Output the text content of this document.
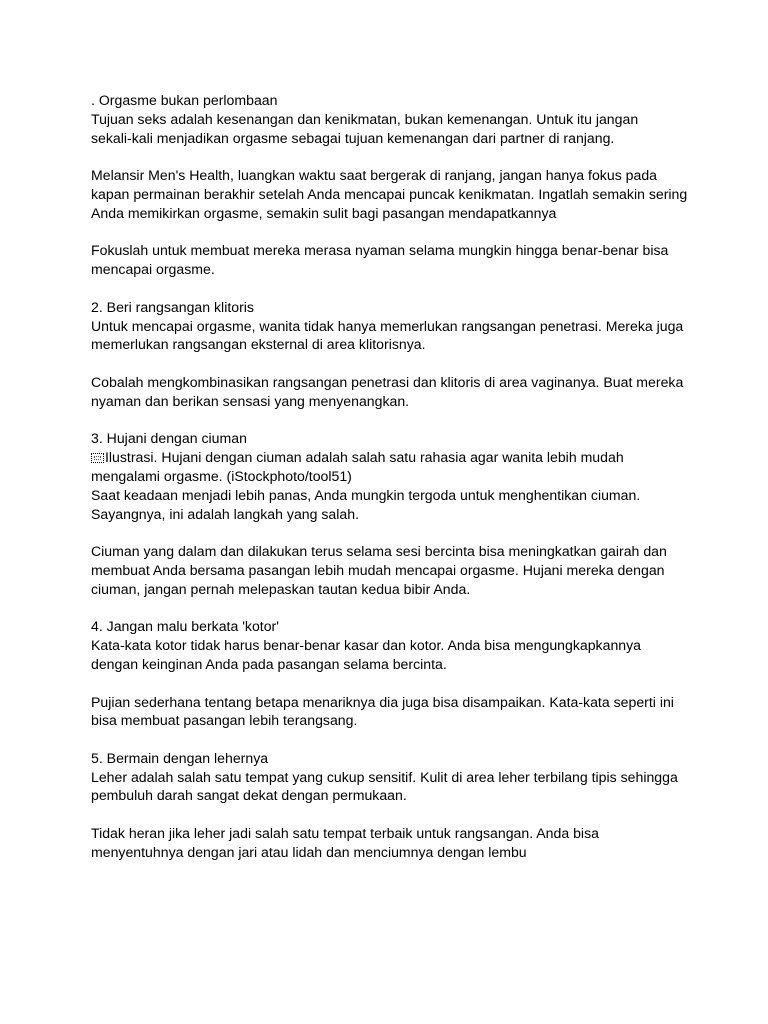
. Orgasme bukan perlombaan
Tujuan seks adalah kesenangan dan kenikmatan, bukan kemenangan. Untuk itu jangan
sekali-kali menjadikan orgasme sebagai tujuan kemenangan dari partner di ranjang.
Melansir Men's Health, luangkan waktu saat bergerak di ranjang, jangan hanya fokus pada
kapan permainan berakhir setelah Anda mencapai puncak kenikmatan. Ingatlah semakin sering
Anda memikirkan orgasme, semakin sulit bagi pasangan mendapatkannya
Fokuslah untuk membuat mereka merasa nyaman selama mungkin hingga benar-benar bisa
mencapai orgasme.
2. Beri rangsangan klitoris
Untuk mencapai orgasme, wanita tidak hanya memerlukan rangsangan penetrasi. Mereka juga
memerlukan rangsangan eksternal di area klitorisnya.
Cobalah mengkombinasikan rangsangan penetrasi dan klitoris di area vaginanya. Buat mereka
nyaman dan berikan sensasi yang menyenangkan.
3. Hujani dengan ciuman
Ilustrasi. Hujani dengan ciuman adalah salah satu rahasia agar wanita lebih mudah
mengalami orgasme. (iStockphoto/tool51)
Saat keadaan menjadi lebih panas, Anda mungkin tergoda untuk menghentikan ciuman.
Sayangnya, ini adalah langkah yang salah.
Ciuman yang dalam dan dilakukan terus selama sesi bercinta bisa meningkatkan gairah dan
membuat Anda bersama pasangan lebih mudah mencapai orgasme. Hujani mereka dengan
ciuman, jangan pernah melepaskan tautan kedua bibir Anda.
4. Jangan malu berkata 'kotor'
Kata-kata kotor tidak harus benar-benar kasar dan kotor. Anda bisa mengungkapkannya
dengan keinginan Anda pada pasangan selama bercinta.
Pujian sederhana tentang betapa menariknya dia juga bisa disampaikan. Kata-kata seperti ini
bisa membuat pasangan lebih terangsang.
5. Bermain dengan lehernya
Leher adalah salah satu tempat yang cukup sensitif. Kulit di area leher terbilang tipis sehingga
pembuluh darah sangat dekat dengan permukaan.
Tidak heran jika leher jadi salah satu tempat terbaik untuk rangsangan. Anda bisa
menyentuhnya dengan jari atau lidah dan menciumnya dengan lembu
